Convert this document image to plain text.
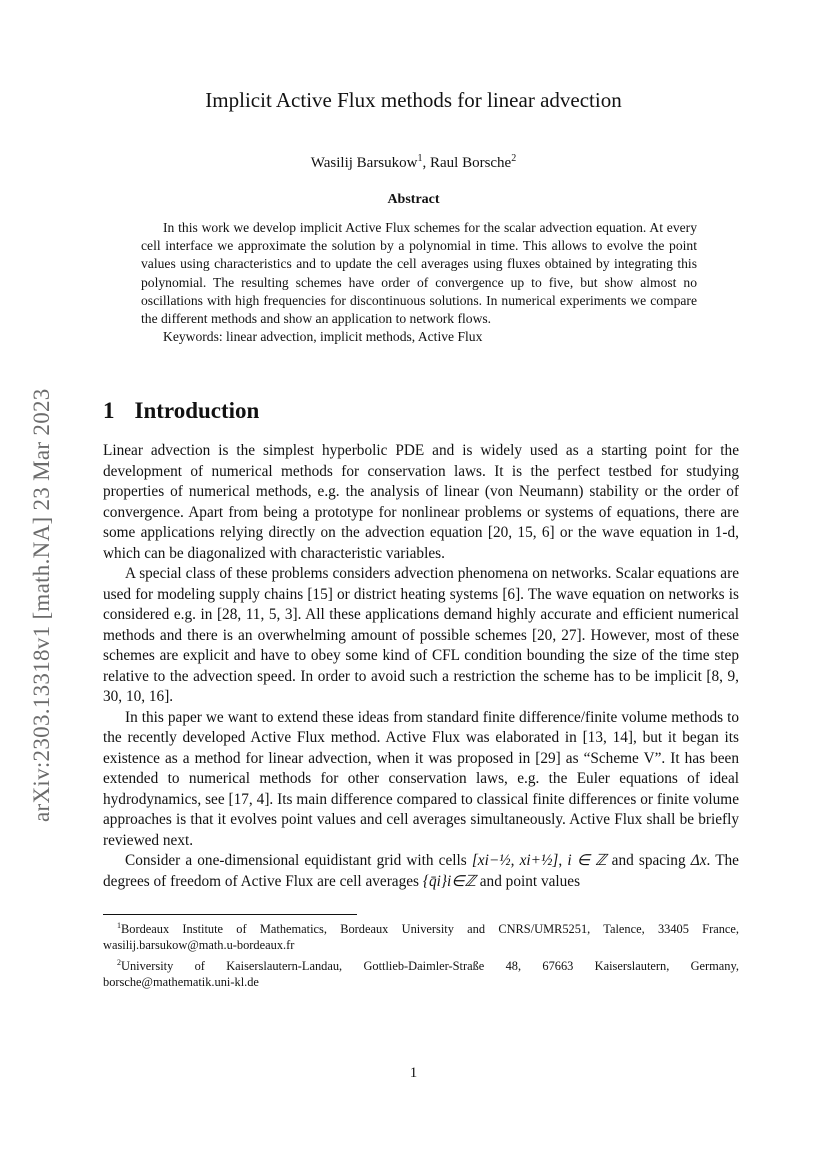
arXiv:2303.13318v1 [math.NA] 23 Mar 2023
Implicit Active Flux methods for linear advection
Wasilij Barsukow$^1$, Raul Borsche$^2$
Abstract

In this work we develop implicit Active Flux schemes for the scalar advection equation. At every cell interface we approximate the solution by a polynomial in time. This allows to evolve the point values using characteristics and to update the cell averages using fluxes obtained by integrating this polynomial. The resulting schemes have order of convergence up to five, but show almost no oscillations with high frequencies for discontinuous solutions. In numerical experiments we compare the different methods and show an application to network flows.

Keywords: linear advection, implicit methods, Active Flux

1 Introduction

Linear advection is the simplest hyperbolic PDE and is widely used as a starting point for the development of numerical methods for conservation laws. It is the perfect testbed for studying properties of numerical methods, e.g. the analysis of linear (von Neumann) stability or the order of convergence. Apart from being a prototype for nonlinear problems or systems of equations, there are some applications relying directly on the advection equation [20, 15, 6] or the wave equation in 1-d, which can be diagonalized with characteristic variables.

A special class of these problems considers advection phenomena on networks. Scalar equations are used for modeling supply chains [15] or district heating systems [6]. The wave equation on networks is considered e.g. in [28, 11, 5, 3]. All these applications demand highly accurate and efficient numerical methods and there is an overwhelming amount of possible schemes [20, 27]. However, most of these schemes are explicit and have to obey some kind of CFL condition bounding the size of the time step relative to the advection speed. In order to avoid such a restriction the scheme has to be implicit [8, 9, 30, 10, 16].

In this paper we want to extend these ideas from standard finite difference/finite volume methods to the recently developed Active Flux method. Active Flux was elaborated in [13, 14], but it began its existence as a method for linear advection, when it was proposed in [29] as “Scheme V”. It has been extended to numerical methods for other conservation laws, e.g. the Euler equations of ideal hydrodynamics, see [17, 4]. Its main difference compared to classical finite differences or finite volume approaches is that it evolves point values and cell averages simultaneously. Active Flux shall be briefly reviewed next.

Consider a one-dimensional equidistant grid with cells [xi−½, xi+½], i ∈ ℤ and spacing Δx. The degrees of freedom of Active Flux are cell averages {q̄i}i∈ℤ and point values

$^1$Bordeaux Institute of Mathematics, Bordeaux University and CNRS/UMR5251, Talence, 33405 France, wasilij.barsukow@math.u-bordeaux.fr

$^2$University of Kaiserslautern-Landau, Gottlieb-Daimler-Straße 48, 67663 Kaiserslautern, Germany, borsche@mathematik.uni-kl.de

1
